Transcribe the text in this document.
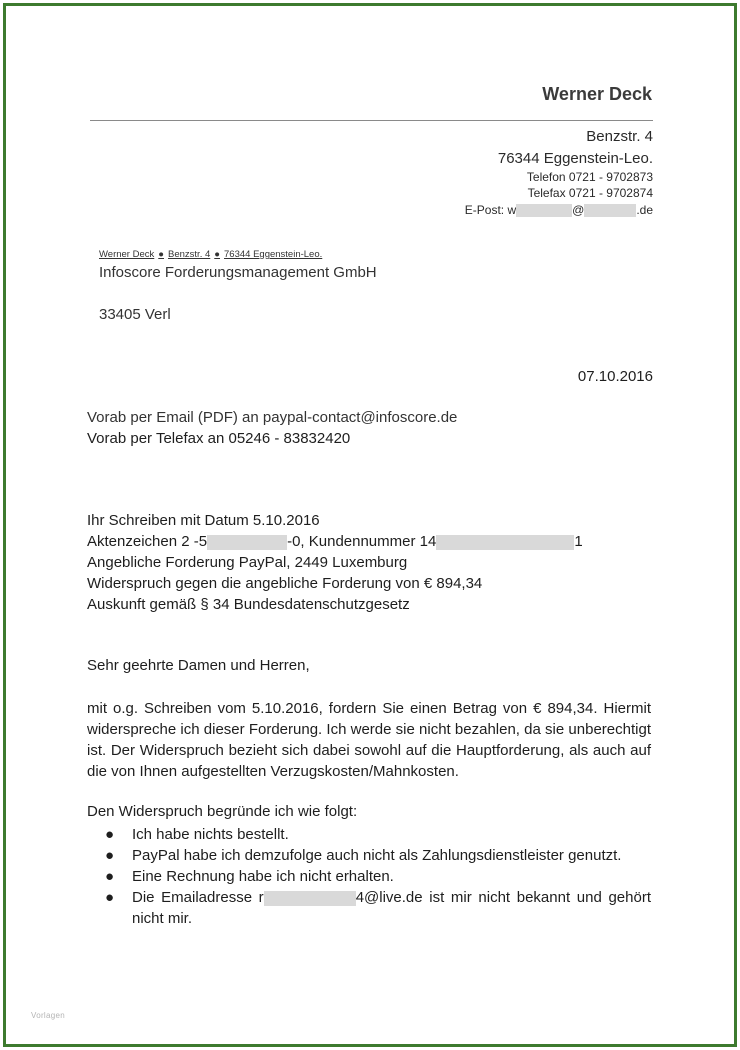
Werner Deck
Benzstr. 4
76344 Eggenstein-Leo.
Telefon 0721 - 9702873
Telefax 0721 - 9702874
E-Post: w	@	.de
Werner Deck ● Benzstr. 4 ● 76344 Eggenstein-Leo.
Infoscore Forderungsmanagement GmbH
33405 Verl
07.10.2016
Vorab per Email (PDF) an paypal-contact@infoscore.de
Vorab per Telefax an 05246 - 83832420
Ihr Schreiben mit Datum 5.10.2016
Aktenzeichen 2 -5	-0, Kundennummer 14	1
Angebliche Forderung PayPal, 2449 Luxemburg
Widerspruch gegen die angebliche Forderung von € 894,34
Auskunft gemäß § 34 Bundesdatenschutzgesetz
Sehr geehrte Damen und Herren,
mit o.g. Schreiben vom 5.10.2016, fordern Sie einen Betrag von € 894,34. Hiermit widerspreche ich dieser Forderung. Ich werde sie nicht bezahlen, da sie unberechtigt ist. Der Widerspruch bezieht sich dabei sowohl auf die Hauptforderung, als auch auf die von Ihnen aufgestellten Verzugskosten/Mahnkosten.
Den Widerspruch begründe ich wie folgt:
● Ich habe nichts bestellt.
● PayPal habe ich demzufolge auch nicht als Zahlungsdienstleister genutzt.
● Eine Rechnung habe ich nicht erhalten.
● Die Emailadresse r	4@live.de ist mir nicht bekannt und gehört nicht mir.
Vorlagen
